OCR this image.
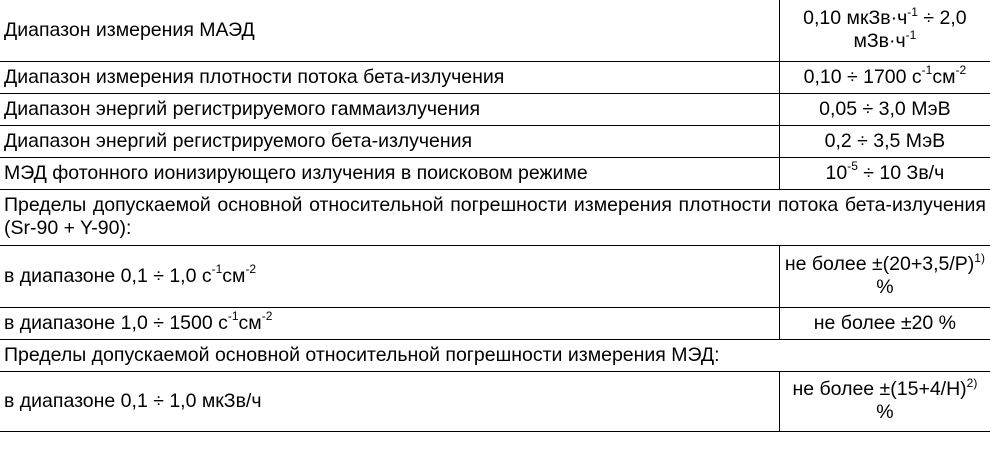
Диапазон измерения МАЭД	0,10 $мкЗв\cdot ч^{-1} \div 2,0$ $мЗв\cdot ч^{-1}$
Диапазон измерения плотности потока бета-излучения	0,10 ÷ 1700 $с^{-1}см^{-2}$
Диапазон энергий регистрируемого гаммаизлучения	0,05 ÷ 3,0 МэВ
Диапазон энергий регистрируемого бета-излучения	0,2 ÷ 3,5 МэВ
МЭД фотонного ионизирующего излучения в поисковом режиме	$10^{-5} \div 10$ Зв/ч
Пределы допускаемой основной относительной погрешности измерения плотности потока бета-излучения (Sr-90 + Y-90):	
в диапазоне 0,1 ÷ 1,0 $с^{-1}см^{-2}$	не более $\pm(20+3,5/Р)^{1)}$ %
в диапазоне 1,0 ÷ 1500 $с^{-1}см^{-2}$	не более ±20 %
Пределы допускаемой основной относительной погрешности измерения МЭД:	
в диапазоне 0,1 ÷ 1,0 мкЗв/ч	не более $\pm(15+4/Н)^{2)}$ %
